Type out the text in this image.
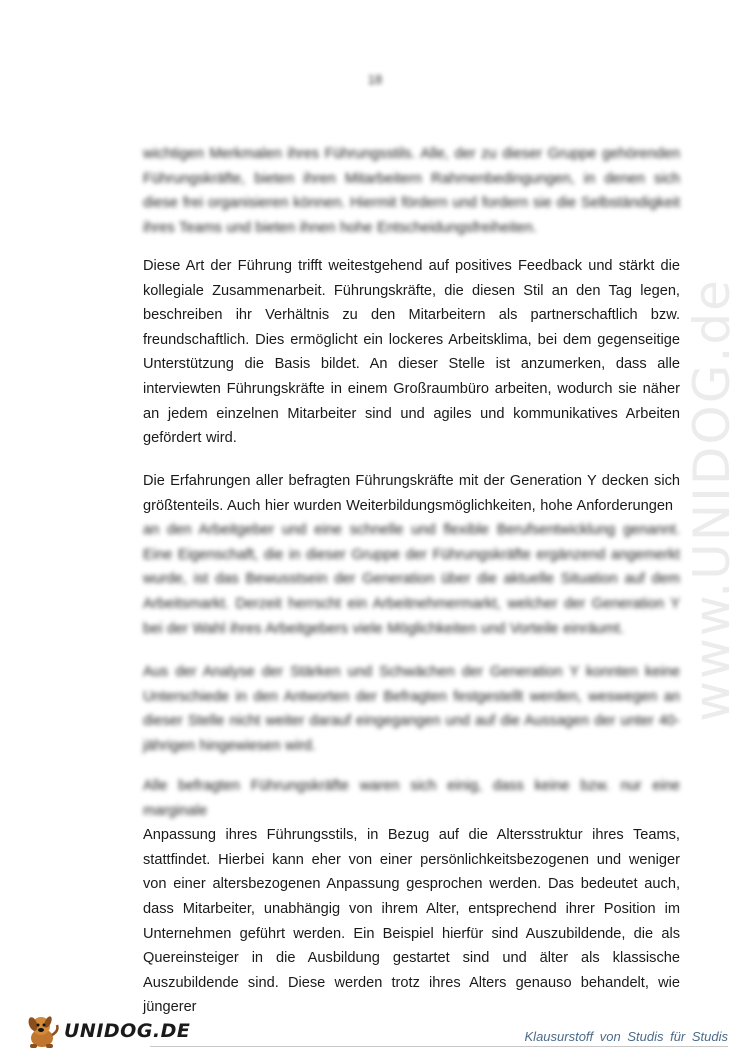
www.UNIDOG.de
18

wichtigen Merkmalen ihres Führungsstils. Alle, der zu dieser Gruppe gehörenden Führungskräfte, bieten ihren Mitarbeitern Rahmenbedingungen, in denen sich diese frei organisieren können. Hiermit fördern und fordern sie die Selbständigkeit ihres Teams und bieten ihnen hohe Entscheidungsfreiheiten.

Diese Art der Führung trifft weitestgehend auf positives Feedback und stärkt die kollegiale Zusammenarbeit. Führungskräfte, die diesen Stil an den Tag legen, beschreiben ihr Verhältnis zu den Mitarbeitern als partnerschaftlich bzw. freundschaftlich. Dies ermöglicht ein lockeres Arbeitsklima, bei dem gegenseitige Unterstützung die Basis bildet. An dieser Stelle ist anzumerken, dass alle interviewten Führungskräfte in einem Großraumbüro arbeiten, wodurch sie näher an jedem einzelnen Mitarbeiter sind und agiles und kommunikatives Arbeiten gefördert wird.

Die Erfahrungen aller befragten Führungskräfte mit der Generation Y decken sich größtenteils. Auch hier wurden Weiterbildungsmöglichkeiten, hohe Anforderungen

an den Arbeitgeber und eine schnelle und flexible Berufsentwicklung genannt. Eine Eigenschaft, die in dieser Gruppe der Führungskräfte ergänzend angemerkt wurde, ist das Bewusstsein der Generation über die aktuelle Situation auf dem Arbeitsmarkt. Derzeit herrscht ein Arbeitnehmermarkt, welcher der Generation Y bei der Wahl ihres Arbeitgebers viele Möglichkeiten und Vorteile einräumt.

Aus der Analyse der Stärken und Schwächen der Generation Y konnten keine Unterschiede in den Antworten der Befragten festgestellt werden, weswegen an dieser Stelle nicht weiter darauf eingegangen und auf die Aussagen der unter 40-jährigen hingewiesen wird.

Alle befragten Führungskräfte waren sich einig, dass keine bzw. nur eine marginale

Anpassung ihres Führungsstils, in Bezug auf die Altersstruktur ihres Teams, stattfindet. Hierbei kann eher von einer persönlichkeitsbezogenen und weniger von einer altersbezogenen Anpassung gesprochen werden. Das bedeutet auch, dass Mitarbeiter, unabhängig von ihrem Alter, entsprechend ihrer Position im Unternehmen geführt werden. Ein Beispiel hierfür sind Auszubildende, die als Quereinsteiger in die Ausbildung gestartet sind und älter als klassische Auszubildende sind. Diese werden trotz ihres Alters genauso behandelt, wie jüngerer

UNIDOG.DE	Klausurstoff von Studis für Studis
